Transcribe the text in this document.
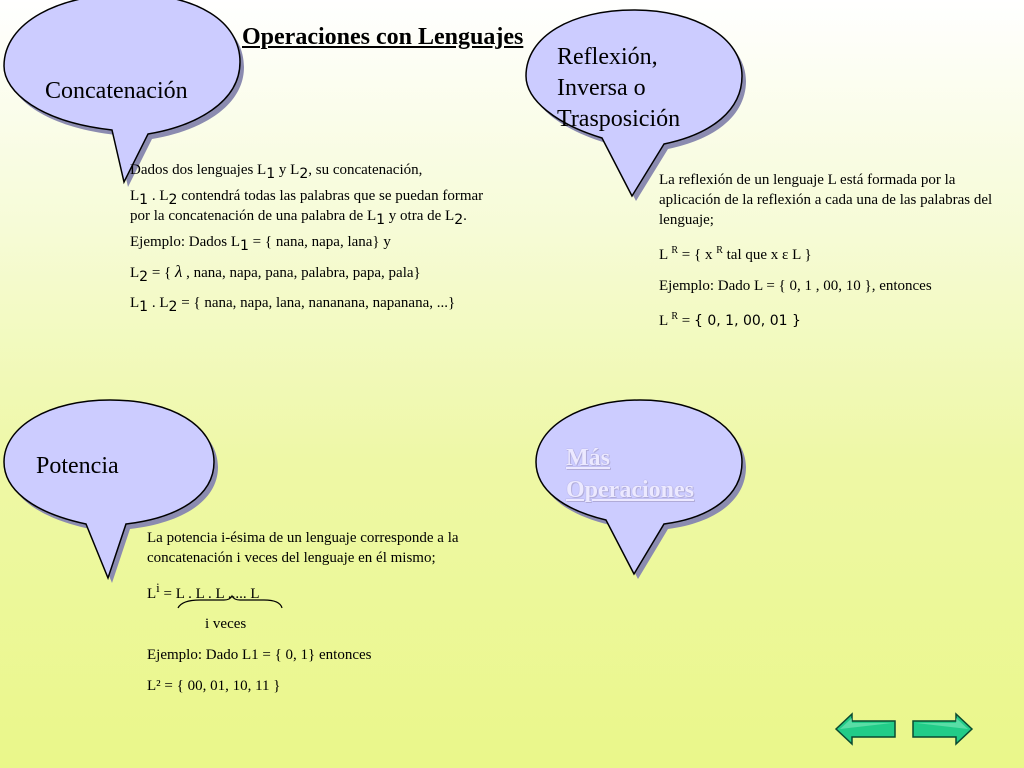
Operaciones con Lenguajes
Concatenación
Reflexión,
Inversa o
Trasposición
Potencia	Más
Operaciones

Dados dos lenguajes L1 y L2, su concatenación,

L1 . L2 contendrá todas las palabras que se puedan formar por la concatenación de una palabra de L1 y otra de L2.

Ejemplo: Dados L1 = { nana, napa, lana} y

L2 = { λ , nana, napa, pana, palabra, papa, pala}

L1 . L2 = { nana, napa, lana, nananana, napanana, ...}

La reflexión de un lenguaje L está formada por la aplicación de la reflexión a cada una de las palabras del lenguaje;

L $^R$ = { x $^R$ tal que x ε L }

Ejemplo: Dado L = { 0, 1 , 00, 10 }, entonces

L $^R$ = { 0, 1, 00, 01 }

La potencia i-ésima de un lenguaje corresponde a la concatenación i veces del lenguaje en él mismo;

$L^i = L$ . L . L ..... L

i veces

Ejemplo: Dado L1 = { 0, 1} entonces

L² = { 00, 01, 10, 11 }
